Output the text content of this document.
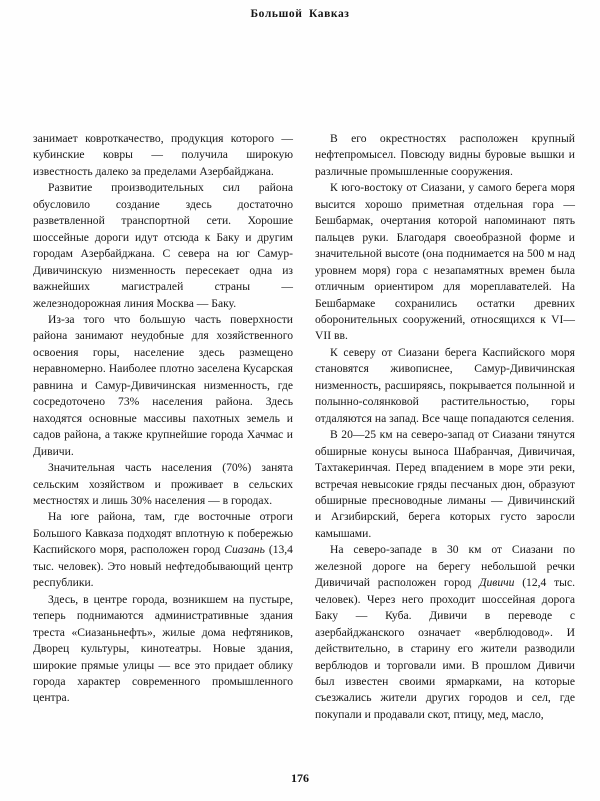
Большой Кавказ

занимает ковроткачество, продукция которого — кубинские ковры — получила широкую известность далеко за пределами Азербайджана.

Развитие производительных сил района обусловило создание здесь достаточно разветвленной транспортной сети. Хорошие шоссейные дороги идут отсюда к Баку и другим городам Азербайджана. С севера на юг Самур-Дивичинскую низменность пересекает одна из важнейших магистралей страны — железнодорожная линия Москва — Баку.

Из-за того что большую часть поверхности района занимают неудобные для хозяйственного освоения горы, население здесь размещено неравномерно. Наиболее плотно заселена Кусарская равнина и Самур-Дивичинская низменность, где сосредоточено 73% населения района. Здесь находятся основные массивы пахотных земель и садов района, а также крупнейшие города Хачмас и Дивичи.

Значительная часть населения (70%) занята сельским хозяйством и проживает в сельских местностях и лишь 30% населения — в городах.

На юге района, там, где восточные отроги Большого Кавказа подходят вплотную к побережью Каспийского моря, расположен город Сиазань (13,4 тыс. человек). Это новый нефтедобывающий центр республики.

Здесь, в центре города, возникшем на пустыре, теперь поднимаются административные здания треста «Сиазаньнефть», жилые дома нефтяников, Дворец культуры, кинотеатры. Новые здания, широкие прямые улицы — все это придает облику города характер современного промышленного центра.

В его окрестностях расположен крупный нефтепромысел. Повсюду видны буровые вышки и различные промышленные сооружения.

К юго-востоку от Сиазани, у самого берега моря высится хорошо приметная отдельная гора — Бешбармак, очертания которой напоминают пять пальцев руки. Благодаря своеобразной форме и значительной высоте (она поднимается на 500 м над уровнем моря) гора с незапамятных времен была отличным ориентиром для мореплавателей. На Бешбармаке сохранились остатки древних оборонительных сооружений, относящихся к VI—VII вв.

К северу от Сиазани берега Каспийского моря становятся живописнее, Самур-Дивичинская низменность, расширяясь, покрывается полынной и полынно-солянковой растительностью, горы отдаляются на запад. Все чаще попадаются селения.

В 20—25 км на северо-запад от Сиазани тянутся обширные конусы выноса Шабранчая, Дивичичая, Тахтакеринчая. Перед впадением в море эти реки, встречая невысокие гряды песчаных дюн, образуют обширные пресноводные лиманы — Дивичинский и Агзибирский, берега которых густо заросли камышами.

На северо-западе в 30 км от Сиазани по железной дороге на берегу небольшой речки Дивичичай расположен город Дивичи (12,4 тыс. человек). Через него проходит шоссейная дорога Баку — Куба. Дивичи в переводе с азербайджанского означает «верблюдовод». И действительно, в старину его жители разводили верблюдов и торговали ими. В прошлом Дивичи был известен своими ярмарками, на которые съезжались жители других городов и сел, где покупали и продавали скот, птицу, мед, масло,

176
